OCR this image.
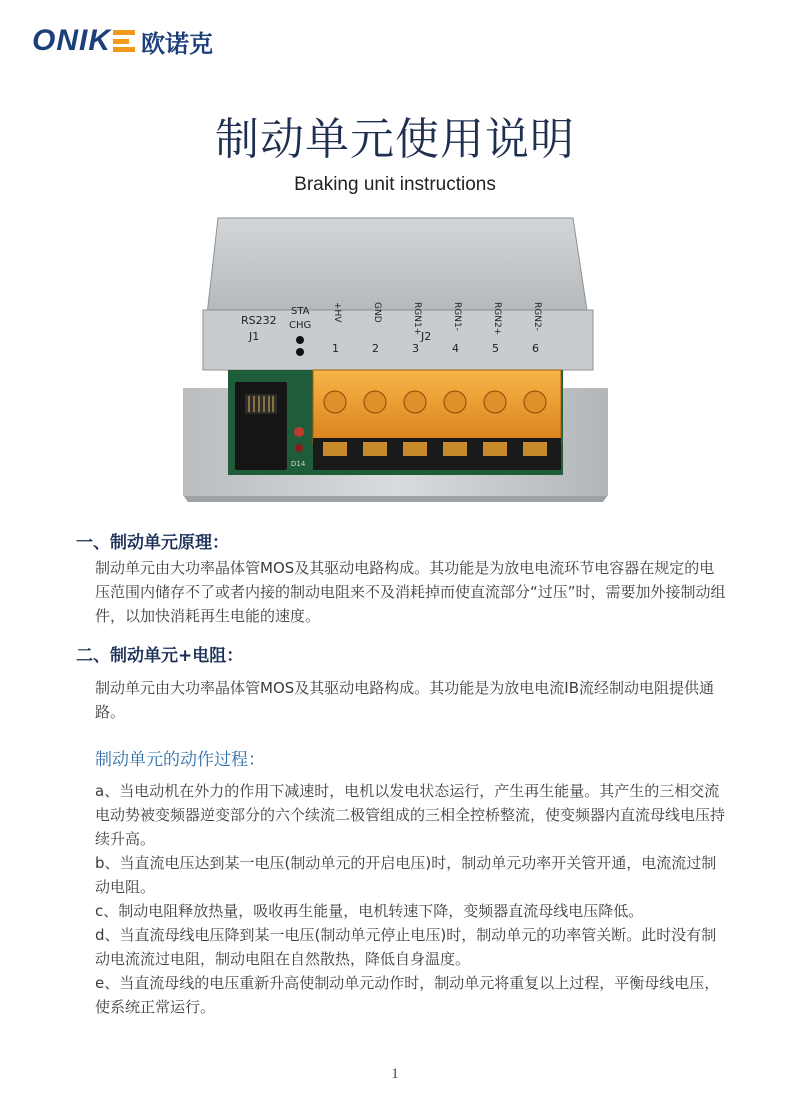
ONIK 欧诺克
制动单元使用说明
Braking unit instructions
D14
RS232
J1
STA
CHG
J2
+HV	GND	RGN1+	RGN1-	RGN2+	RGN2-
1	2	3	4	5	6
一、制动单元原理：
制动单元由大功率晶体管MOS及其驱动电路构成。其功能是为放电电流环节电容器在规定的电压范围内储存不了或者内接的制动电阻来不及消耗掉而使直流部分“过压”时，需要加外接制动组件，以加快消耗再生电能的速度。
二、制动单元+电阻：
制动单元由大功率晶体管MOS及其驱动电路构成。其功能是为放电电流IB流经制动电阻提供通路。
制动单元的动作过程：
a、当电动机在外力的作用下减速时，电机以发电状态运行，产生再生能量。其产生的三相交流电动势被变频器逆变部分的六个续流二极管组成的三相全控桥整流，使变频器内直流母线电压持续升高。
b、当直流电压达到某一电压(制动单元的开启电压)时，制动单元功率开关管开通，电流流过制动电阻。
c、制动电阻释放热量，吸收再生能量，电机转速下降，变频器直流母线电压降低。
d、当直流母线电压降到某一电压(制动单元停止电压)时，制动单元的功率管关断。此时没有制动电流流过电阻，制动电阻在自然散热，降低自身温度。
e、当直流母线的电压重新升高使制动单元动作时，制动单元将重复以上过程，平衡母线电压，使系统正常运行。
1
